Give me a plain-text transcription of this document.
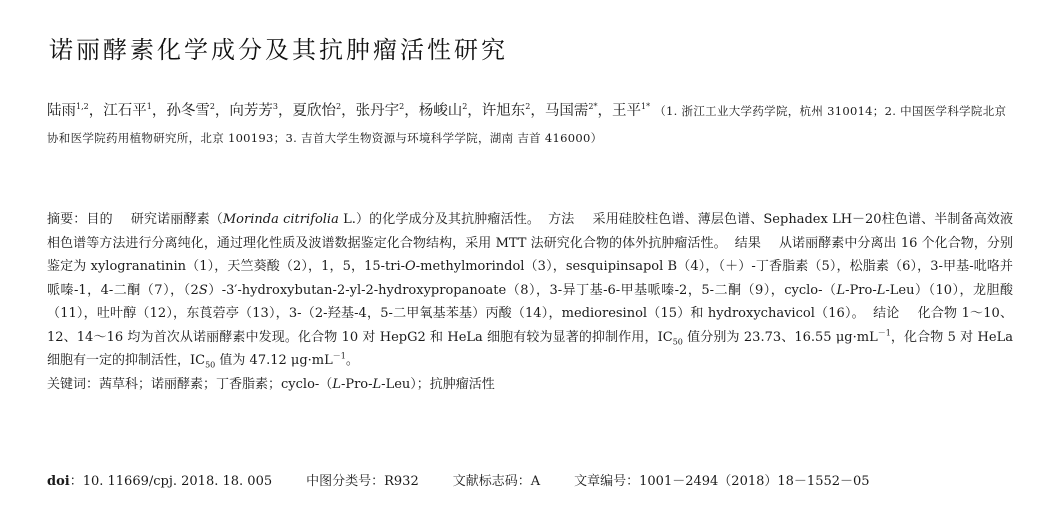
诺丽酵素化学成分及其抗肿瘤活性研究
陆雨$^{1,2}$，江石平$^1$，孙冬雪$^2$，向芳芳$^3$，夏欣怡$^2$，张丹宇$^2$，杨峻山$^2$，许旭东$^2$，马国需$^{2*}$，王平$^{1*}$ （1. 浙江工业大学药学院，杭州 310014；2. 中国医学科学院北京协和医学院药用植物研究所，北京 100193；3. 吉首大学生物资源与环境科学学院，湖南 吉首 416000）
摘要：目的 研究诺丽酵素（Morinda citrifolia L.）的化学成分及其抗肿瘤活性。 方法 采用硅胶柱色谱、薄层色谱、Sephadex LH－20柱色谱、半制备高效液相色谱等方法进行分离纯化，通过理化性质及波谱数据鉴定化合物结构，采用 MTT 法研究化合物的体外抗肿瘤活性。 结果 从诺丽酵素中分离出 16 个化合物，分别鉴定为 xylogranatinin（1），天竺葵酸（2），1，5，15-tri-O-methylmorindol（3），sesquipinsapol B（4），（＋）-丁香脂素（5），松脂素（6），3-甲基-吡咯并哌嗪-1，4-二酮（7），（2S）-3′-hydroxybutan-2-yl-2-hydroxypropanoate（8），3-异丁基-6-甲基哌嗪-2，5-二酮（9），cyclo-（L-Pro-L-Leu）（10），龙胆酸（11），吐叶醇（12），东莨菪亭（13），3-（2-羟基-4，5-二甲氧基苯基）丙酸（14），medioresinol（15）和 hydroxychavicol（16）。 结论 化合物 1～10、12、14～16 均为首次从诺丽酵素中发现。化合物 10 对 HepG2 和 HeLa 细胞有较为显著的抑制作用，$IC_{50}$ 值分别为 23.73、16.55 $\mu g\cdot mL^{-1}$，化合物 5 对 HeLa 细胞有一定的抑制活性，$IC_{50}$ 值为 47.12 $\mu g\cdot mL^{-1}$。
关键词：茜草科；诺丽酵素；丁香脂素；cyclo-（L-Pro-L-Leu）；抗肿瘤活性
doi：10. 11669/cpj. 2018. 18. 005	中图分类号：R932	文献标志码：A	文章编号：1001－2494（2018）18－1552－05
